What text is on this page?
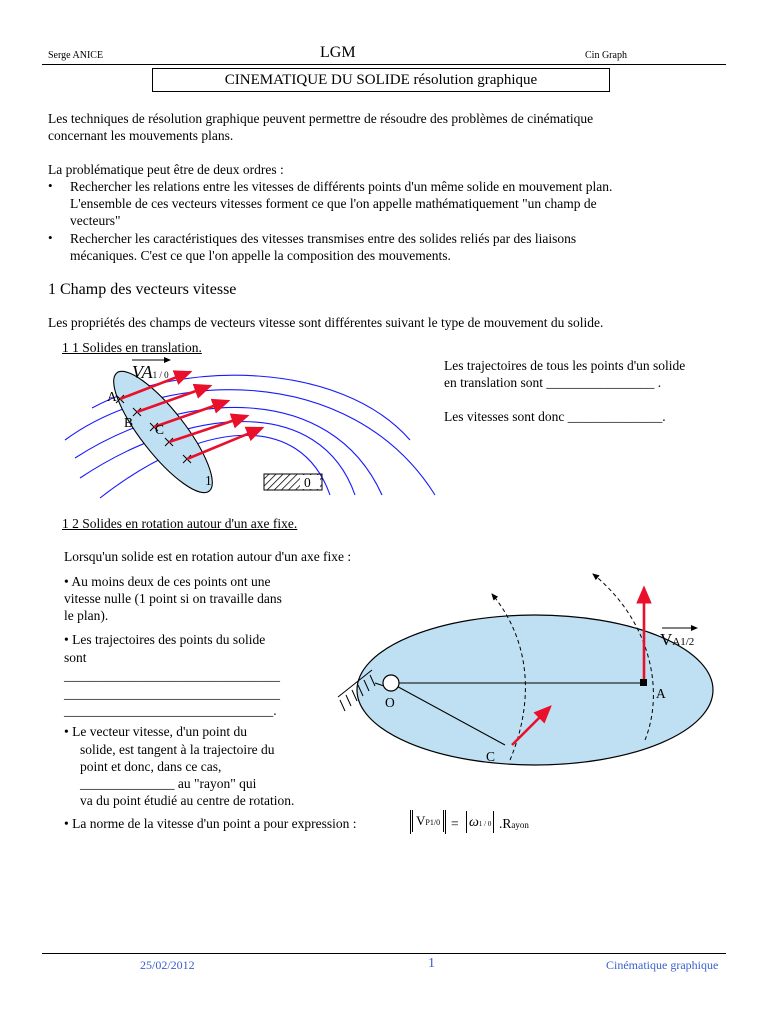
Serge ANICE	LGM	Cin Graph
CINEMATIQUE DU SOLIDE résolution graphique
Les techniques de résolution graphique peuvent permettre de résoudre des problèmes de cinématique
concernant les mouvements plans.
La problématique peut être de deux ordres :
• Rechercher les relations entre les vitesses de différents points d'un même solide en mouvement plan.
L'ensemble de ces vecteurs vitesses forment ce que l'on appelle mathématiquement "un champ de
vecteurs"
• Rechercher les caractéristiques des vitesses transmises entre des solides reliés par des liaisons
mécaniques. C'est ce que l'on appelle la composition des mouvements.
1 Champ des vecteurs vitesse
Les propriétés des champs de vecteurs vitesse sont différentes suivant le type de mouvement du solide.
1 1 Solides en translation.
VA1 / 0
A
B C
1	0
Les trajectoires de tous les points d'un solide
en translation sont ________________ .
Les vitesses sont donc ______________.
1 2 Solides en rotation autour d'un axe fixe.
Lorsqu'un solide est en rotation autour d'un axe fixe :
• Au moins deux de ces points ont une
vitesse nulle (1 point si on travaille dans
le plan).
• Les trajectoires des points du solide
sont
________________________________
________________________________
_______________________________.
• Le vecteur vitesse, d'un point du
solide, est tangent à la trajectoire du
point et donc, dans ce cas,
______________ au "rayon" qui
va du point étudié au centre de rotation.
• La norme de la vitesse d'un point a pour expression :	VP1/0 = ω1 / 0 .Rayon
O
A
C
VA1/2
25/02/2012	1	Cinématique graphique
